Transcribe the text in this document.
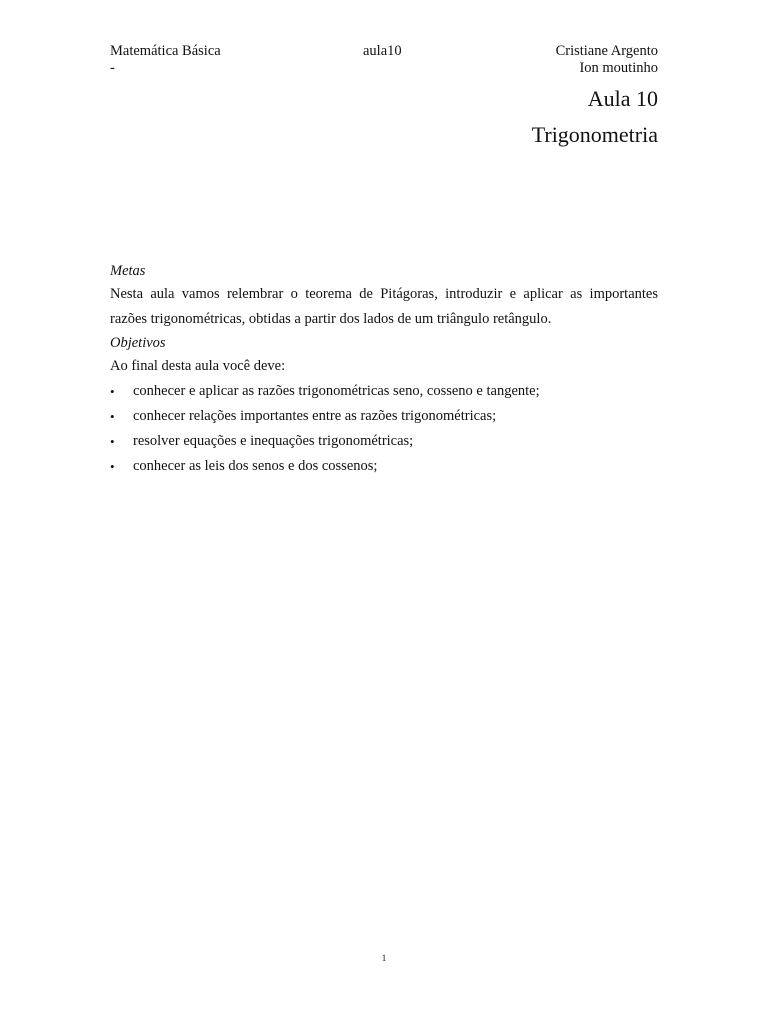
Matemática Básica	aula10	Cristiane Argento
-	Ion moutinho
Aula 10
Trigonometria
Metas
Nesta aula vamos relembrar o teorema de Pitágoras, introduzir e aplicar as importantes
razões trigonométricas, obtidas a partir dos lados de um triângulo retângulo.
Objetivos
Ao final desta aula você deve:
• conhecer e aplicar as razões trigonométricas seno, cosseno e tangente;
• conhecer relações importantes entre as razões trigonométricas;
• resolver equações e inequações trigonométricas;
• conhecer as leis dos senos e dos cossenos;
1
